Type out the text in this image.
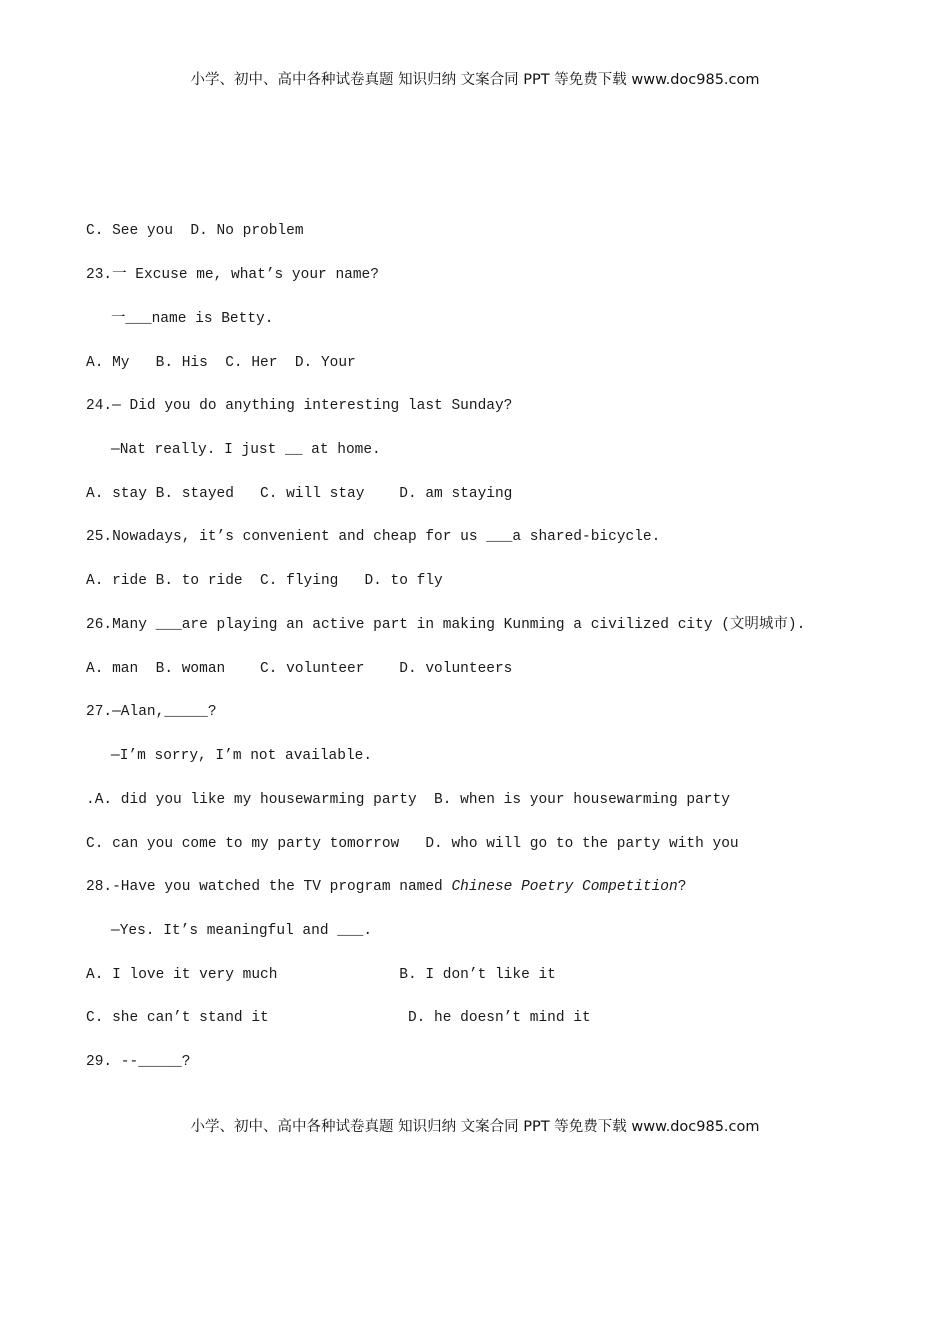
小学、初中、高中各种试卷真题 知识归纳 文案合同 PPT 等免费下载 www.doc985.com
C. See you  D. No problem
23.一 Excuse me, what’s your name?
一___name is Betty.
A. My   B. His  C. Her  D. Your
24.— Did you do anything interesting last Sunday?
—Nat really. I just __ at home.
A. stay B. stayed   C. will stay    D. am staying
25.Nowadays, it’s convenient and cheap for us ___a shared-bicycle.
A. ride B. to ride  C. flying   D. to fly
26.Many ___are playing an active part in making Kunming a civilized city (文明城市).
A. man  B. woman    C. volunteer    D. volunteers
27.—Alan,_____?
—I’m sorry, I’m not available.
.A. did you like my housewarming party  B. when is your housewarming party
C. can you come to my party tomorrow   D. who will go to the party with you
28.-Have you watched the TV program named Chinese Poetry Competition?
—Yes. It’s meaningful and ___.
A. I love it very much              B. I don’t like it
C. she can’t stand it                D. he doesn’t mind it
29. --_____?
小学、初中、高中各种试卷真题 知识归纳 文案合同 PPT 等免费下载 www.doc985.com
